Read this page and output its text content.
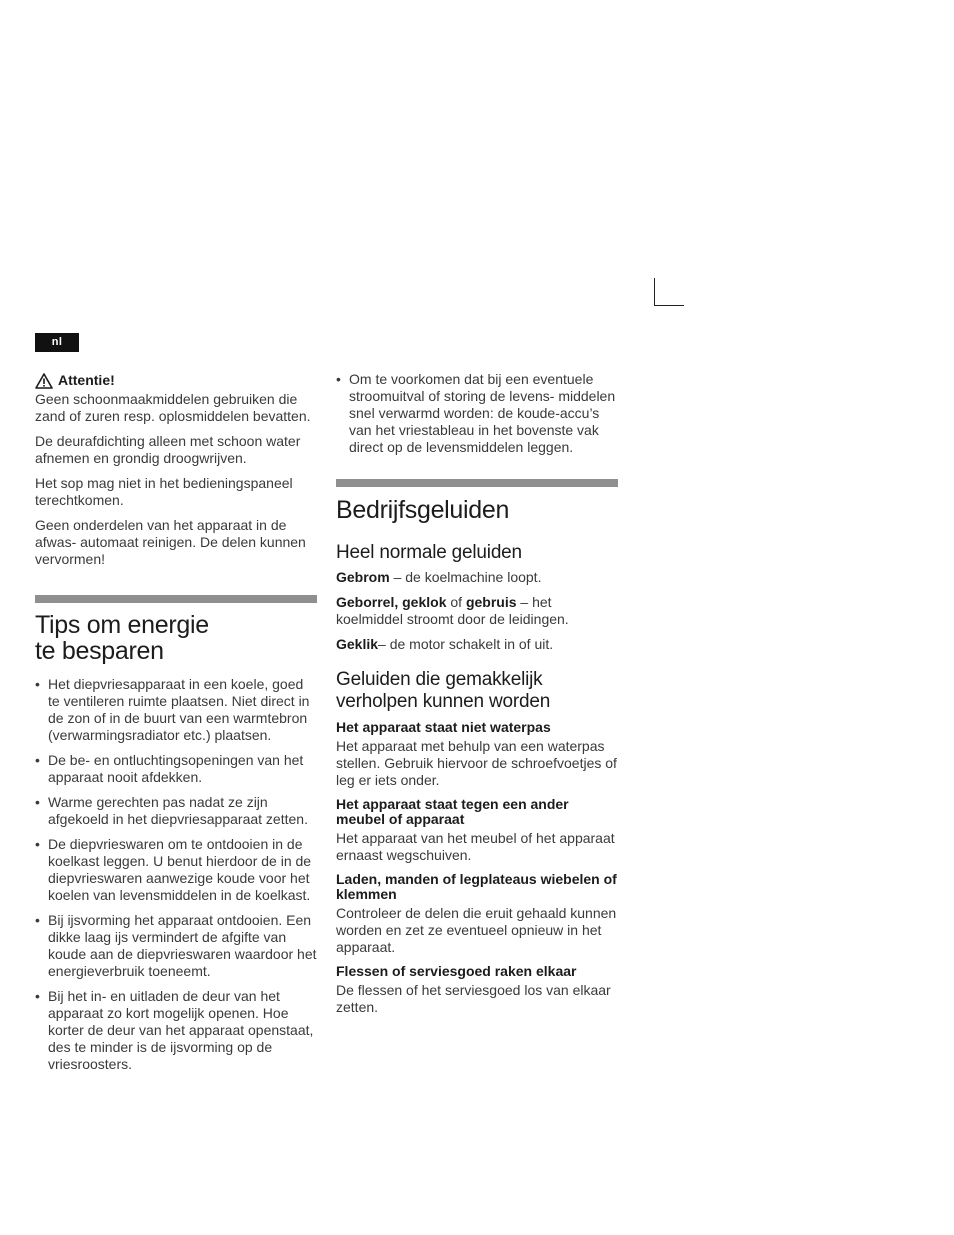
nl
Attentie!

Geen schoonmaakmiddelen gebruiken die zand of zuren resp. oplosmiddelen bevatten.

De deurafdichting alleen met schoon water afnemen en grondig droogwrijven.

Het sop mag niet in het bedieningspaneel terechtkomen.

Geen onderdelen van het apparaat in de afwas- automaat reinigen. De delen kunnen vervormen!

Tips om energie
te besparen
• Het diepvriesapparaat in een koele, goed te ventileren ruimte plaatsen. Niet direct in de zon of in de buurt van een warmtebron (verwarmingsradiator etc.) plaatsen.
• De be- en ontluchtingsopeningen van het apparaat nooit afdekken.
• Warme gerechten pas nadat ze zijn afgekoeld in het diepvriesapparaat zetten.
• De diepvrieswaren om te ontdooien in de koelkast leggen. U benut hierdoor de in de diepvrieswaren aanwezige koude voor het koelen van levensmiddelen in de koelkast.
• Bij ijsvorming het apparaat ontdooien. Een dikke laag ijs vermindert de afgifte van koude aan de diepvrieswaren waardoor het energieverbruik toeneemt.
• Bij het in- en uitladen de deur van het apparaat zo kort mogelijk openen. Hoe korter de deur van het apparaat openstaat, des te minder is de ijsvorming op de vriesroosters.
• Om te voorkomen dat bij een eventuele stroomuitval of storing de levens- middelen snel verwarmd worden: de koude-accu’s van het vriestableau in het bovenste vak direct op de levensmiddelen leggen.
Bedrijfsgeluiden
Heel normale geluiden

Gebrom – de koelmachine loopt.

Geborrel, geklok of gebruis – het koelmiddel stroomt door de leidingen.

Geklik– de motor schakelt in of uit.

Geluiden die gemakkelijk
verholpen kunnen worden
Het apparaat staat niet waterpas

Het apparaat met behulp van een waterpas stellen. Gebruik hiervoor de schroefvoetjes of leg er iets onder.

Het apparaat staat tegen een ander meubel of apparaat

Het apparaat van het meubel of het apparaat ernaast wegschuiven.

Laden, manden of legplateaus wiebelen of klemmen

Controleer de delen die eruit gehaald kunnen worden en zet ze eventueel opnieuw in het apparaat.

Flessen of serviesgoed raken elkaar

De flessen of het serviesgoed los van elkaar zetten.
